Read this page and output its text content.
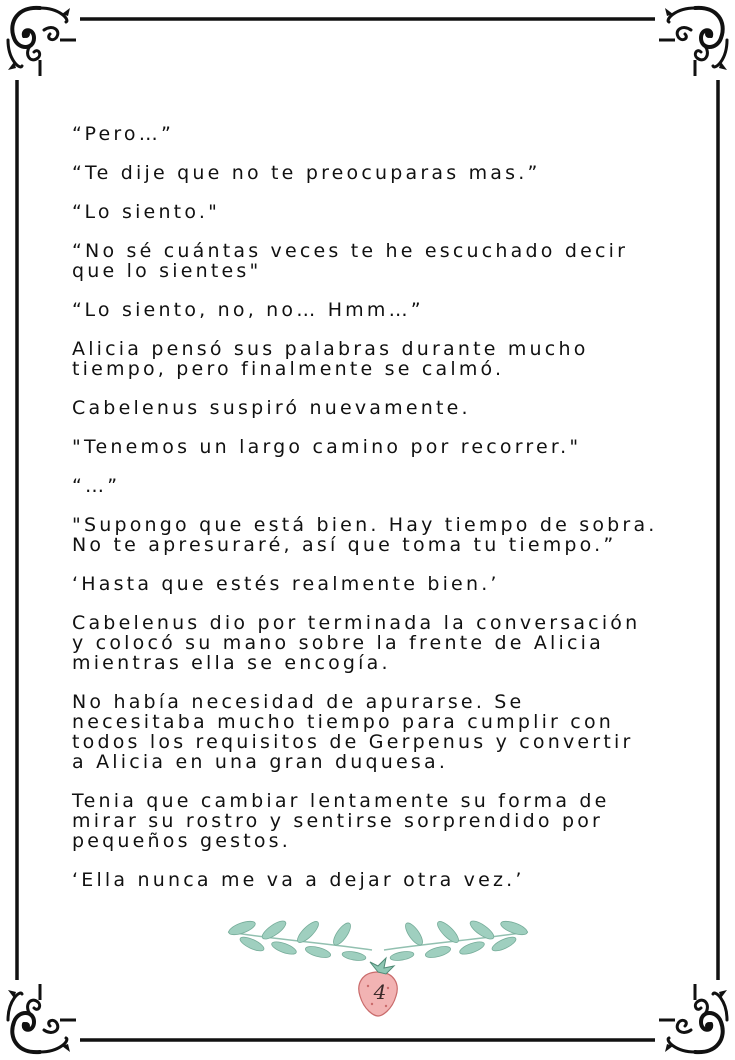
“Pero…”

“Te dije que no te preocuparas mas.”

“Lo siento."

“No sé cuántas veces te he escuchado decir
que lo sientes"

“Lo siento, no, no… Hmm…”

Alicia pensó sus palabras durante mucho
tiempo, pero finalmente se calmó.

Cabelenus suspiró nuevamente.

"Tenemos un largo camino por recorrer."

“…”

"Supongo que está bien. Hay tiempo de sobra.
No te apresuraré, así que toma tu tiempo.”

‘Hasta que estés realmente bien.’

Cabelenus dio por terminada la conversación
y colocó su mano sobre la frente de Alicia
mientras ella se encogía.

No había necesidad de apurarse. Se
necesitaba mucho tiempo para cumplir con
todos los requisitos de Gerpenus y convertir
a Alicia en una gran duquesa.

Tenia que cambiar lentamente su forma de
mirar su rostro y sentirse sorprendido por
pequeños gestos.

‘Ella nunca me va a dejar otra vez.’

4
